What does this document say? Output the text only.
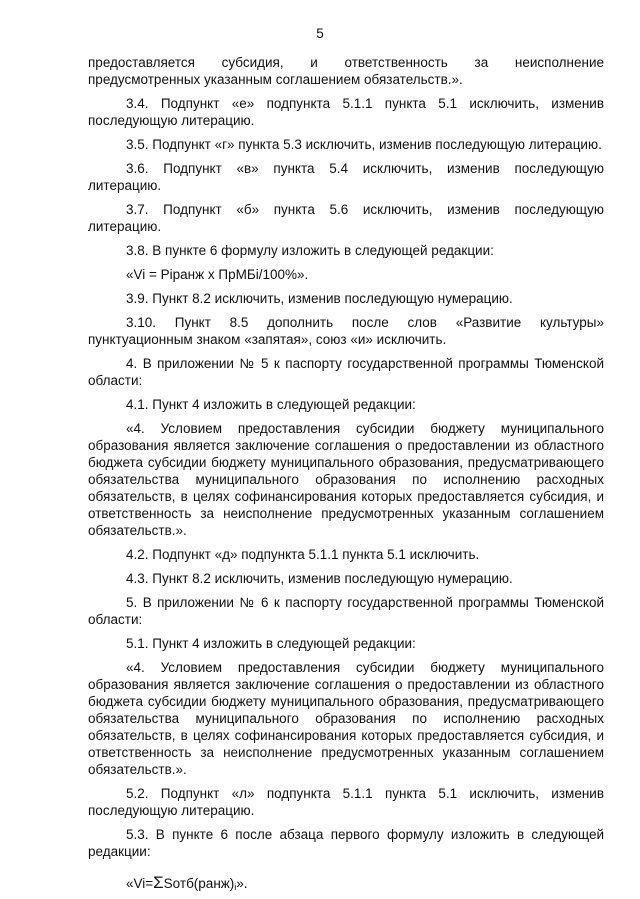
5

предоставляется субсидия, и ответственность за неисполнение предусмотренных указанным соглашением обязательств.».

3.4. Подпункт «е» подпункта 5.1.1 пункта 5.1 исключить, изменив последующую литерацию.

3.5. Подпункт «г» пункта 5.3 исключить, изменив последующую литерацию.

3.6. Подпункт «в» пункта 5.4 исключить, изменив последующую литерацию.

3.7. Подпункт «б» пункта 5.6 исключить, изменив последующую литерацию.

3.8. В пункте 6 формулу изложить в следующей редакции:

«Vi = Piранж х ПрМБi/100%».

3.9. Пункт 8.2 исключить, изменив последующую нумерацию.

3.10. Пункт 8.5 дополнить после слов «Развитие культуры» пунктуационным знаком «запятая», союз «и» исключить.

4. В приложении № 5 к паспорту государственной программы Тюменской области:

4.1. Пункт 4 изложить в следующей редакции:

«4. Условием предоставления субсидии бюджету муниципального образования является заключение соглашения о предоставлении из областного бюджета субсидии бюджету муниципального образования, предусматривающего обязательства муниципального образования по исполнению расходных обязательств, в целях софинансирования которых предоставляется субсидия, и ответственность за неисполнение предусмотренных указанным соглашением обязательств.».

4.2. Подпункт «д» подпункта 5.1.1 пункта 5.1 исключить.

4.3. Пункт 8.2 исключить, изменив последующую нумерацию.

5. В приложении № 6 к паспорту государственной программы Тюменской области:

5.1. Пункт 4 изложить в следующей редакции:

«4. Условием предоставления субсидии бюджету муниципального образования является заключение соглашения о предоставлении из областного бюджета субсидии бюджету муниципального образования, предусматривающего обязательства муниципального образования по исполнению расходных обязательств, в целях софинансирования которых предоставляется субсидия, и ответственность за неисполнение предусмотренных указанным соглашением обязательств.».

5.2. Подпункт «л» подпункта 5.1.1 пункта 5.1 исключить, изменив последующую литерацию.

5.3. В пункте 6 после абзаца первого формулу изложить в следующей редакции:

«$Vi=\Sigma Sотб(ранж)_i$».
